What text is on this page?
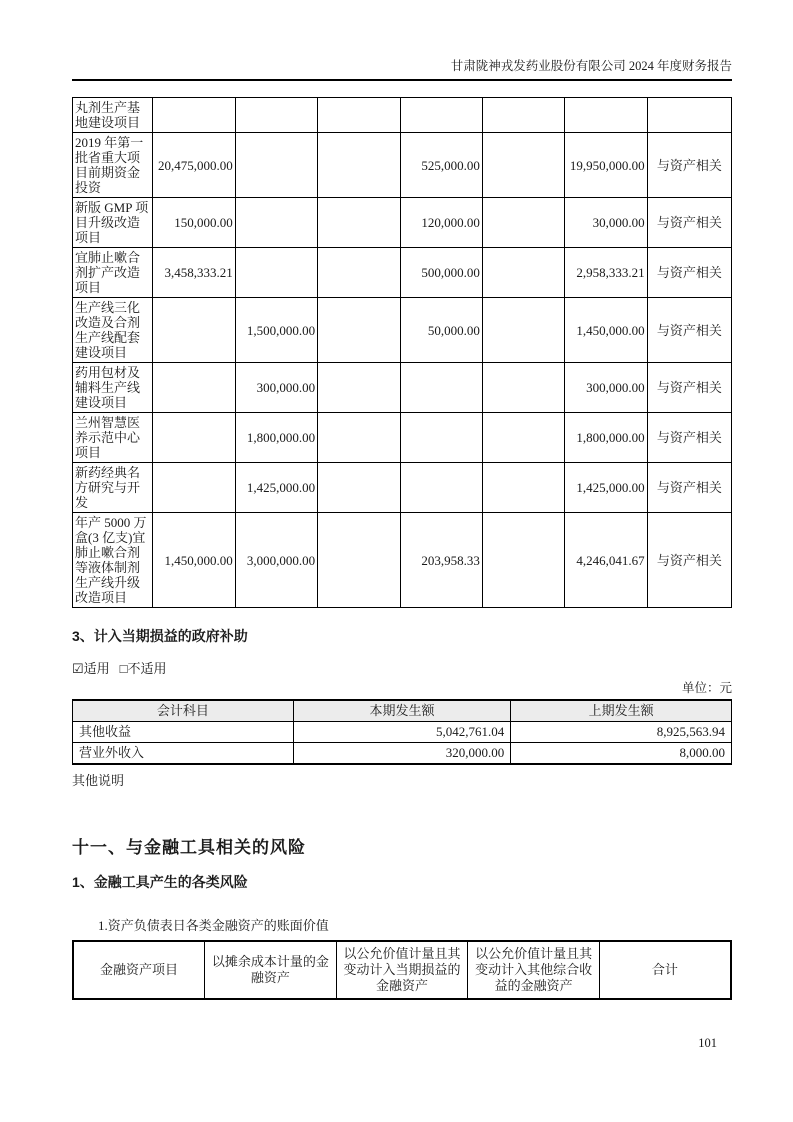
甘肃陇神戎发药业股份有限公司 2024 年度财务报告
丸剂生产基地建设项目							
2019 年第一批省重大项目前期资金投资	20,475,000.00			525,000.00		19,950,000.00	与资产相关
新版 GMP 项目升级改造项目	150,000.00			120,000.00		30,000.00	与资产相关
宜肺止嗽合剂扩产改造项目	3,458,333.21			500,000.00		2,958,333.21	与资产相关
生产线三化改造及合剂生产线配套建设项目		1,500,000.00		50,000.00		1,450,000.00	与资产相关
药用包材及辅料生产线建设项目		300,000.00				300,000.00	与资产相关
兰州智慧医养示范中心项目		1,800,000.00				1,800,000.00	与资产相关
新药经典名方研究与开发		1,425,000.00				1,425,000.00	与资产相关
年产 5000 万盒(3 亿支)宜肺止嗽合剂等液体制剂生产线升级改造项目	1,450,000.00	3,000,000.00		203,958.33		4,246,041.67	与资产相关
3、计入当期损益的政府补助
☑适用 □不适用
单位：元
会计科目	本期发生额	上期发生额
其他收益	5,042,761.04	8,925,563.94
营业外收入	320,000.00	8,000.00
其他说明
十一、与金融工具相关的风险
1、金融工具产生的各类风险
1.资产负债表日各类金融资产的账面价值
金融资产项目	以摊余成本计量的金融资产	以公允价值计量且其变动计入当期损益的金融资产	以公允价值计量且其变动计入其他综合收益的金融资产	合计
101
